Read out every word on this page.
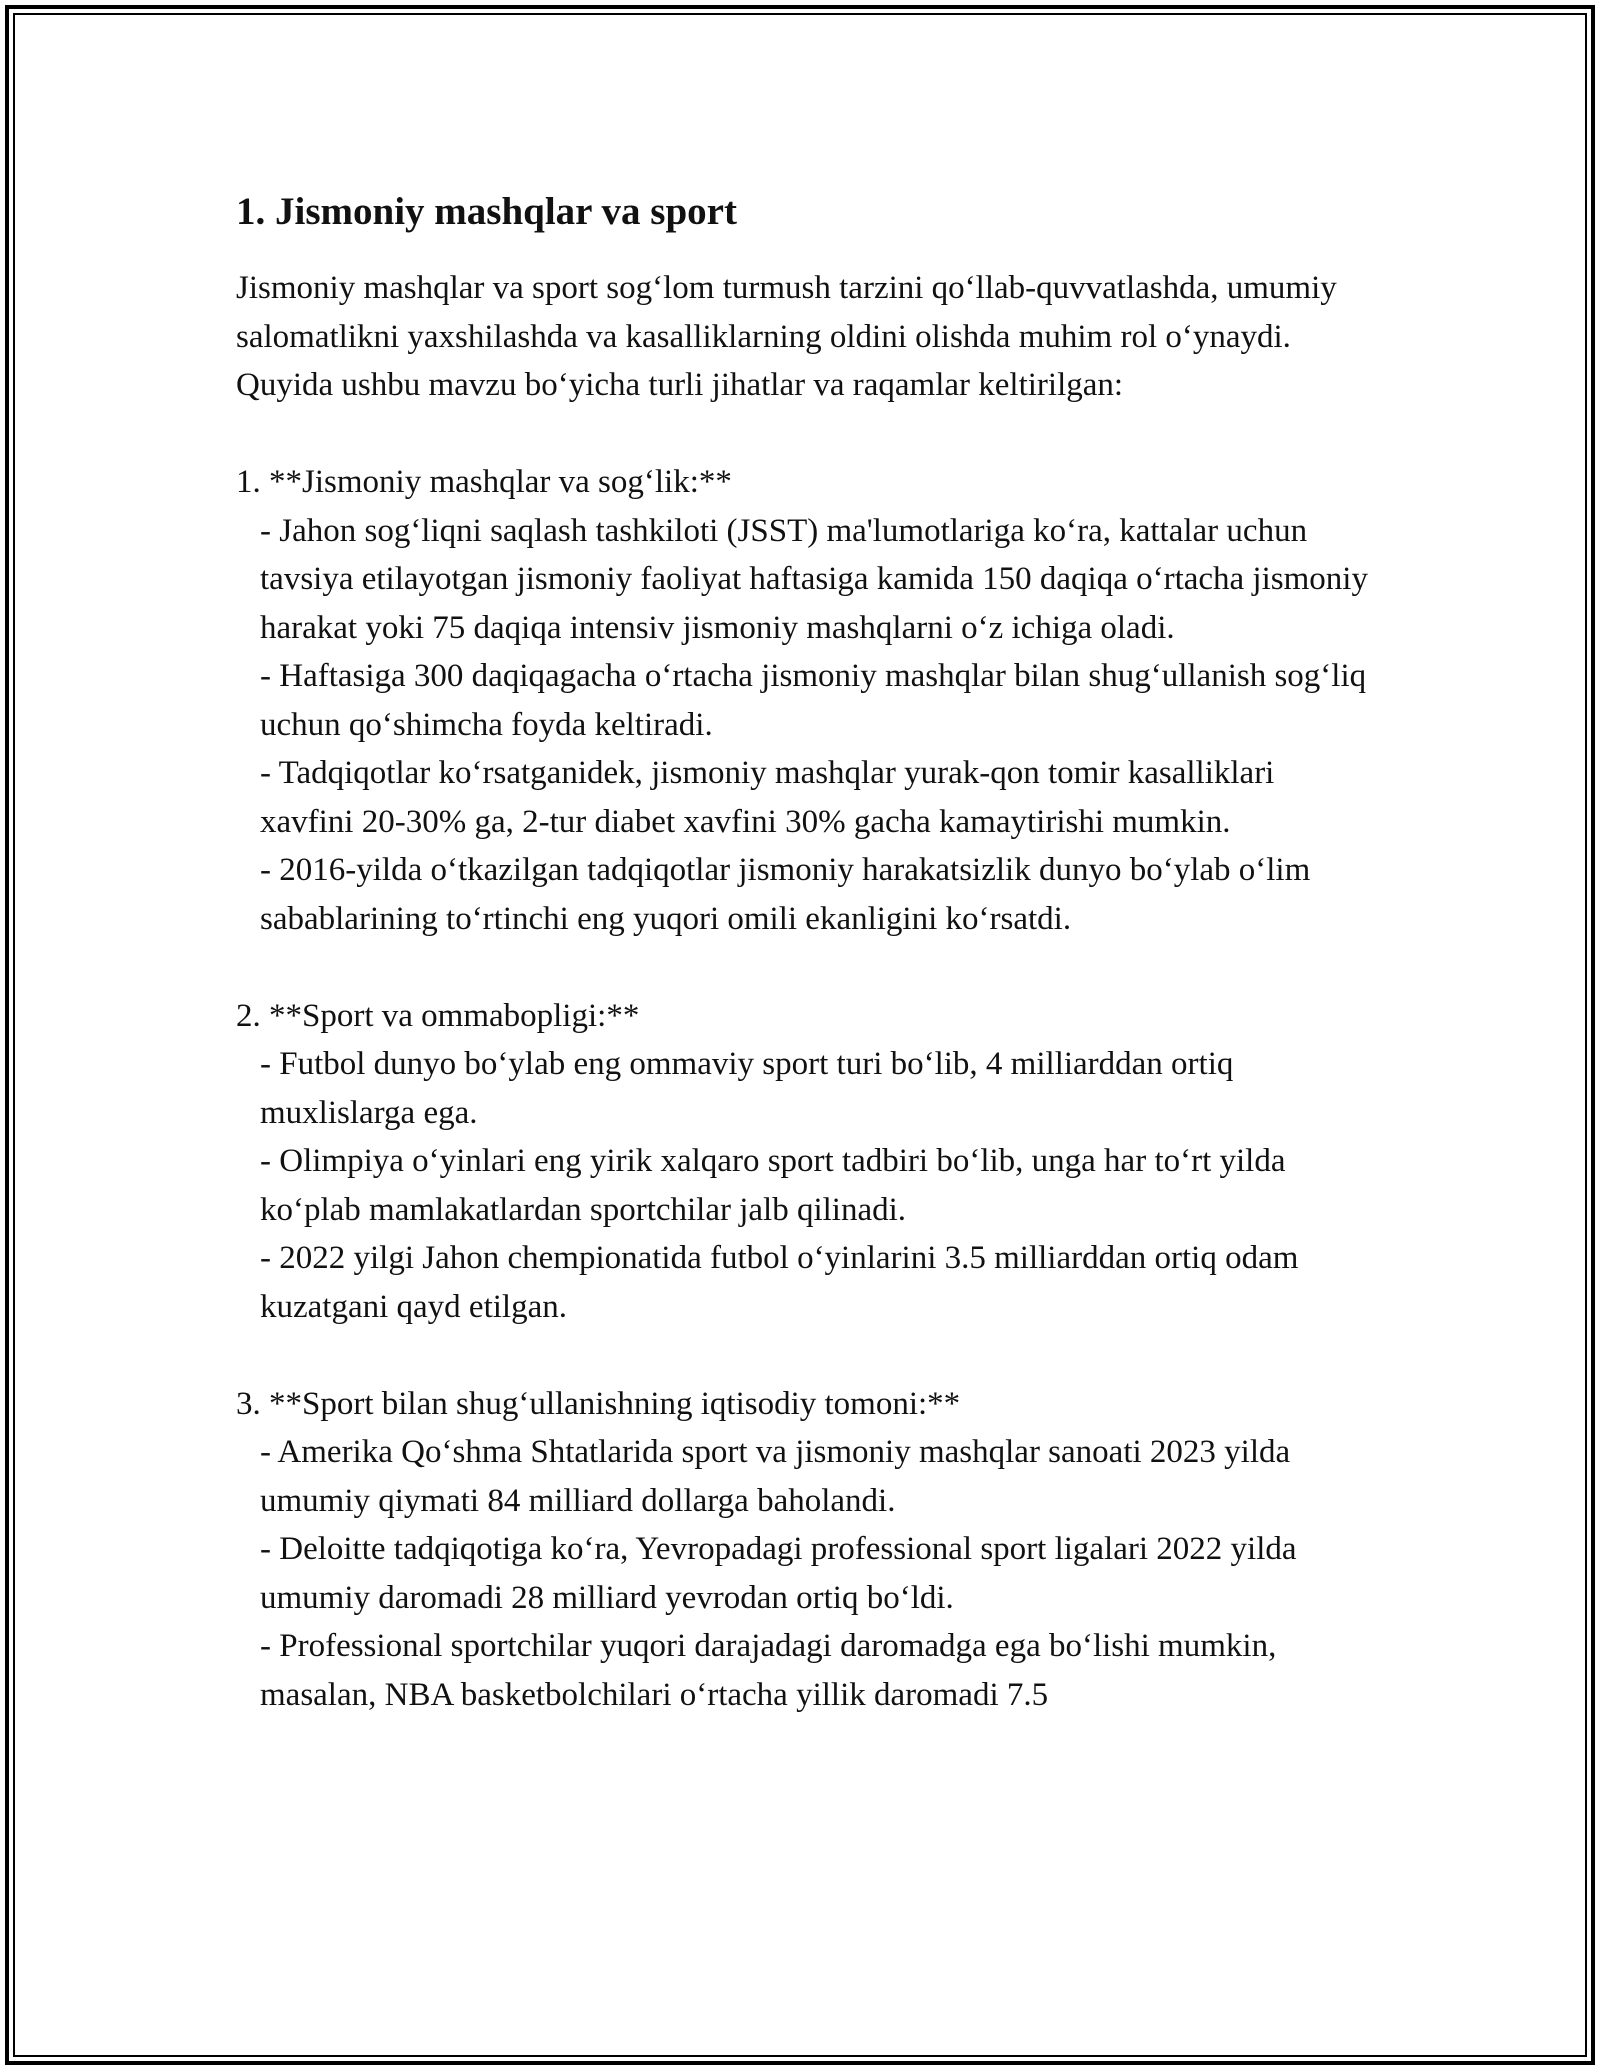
1. Jismoniy mashqlar va sport

Jismoniy mashqlar va sport sog‘lom turmush tarzini qo‘llab-quvvatlashda, umumiy salomatlikni yaxshilashda va kasalliklarning oldini olishda muhim rol o‘ynaydi. Quyida ushbu mavzu bo‘yicha turli jihatlar va raqamlar keltirilgan:

1. **Jismoniy mashqlar va sog‘lik:**

- Jahon sog‘liqni saqlash tashkiloti (JSST) ma'lumotlariga ko‘ra, kattalar uchun tavsiya etilayotgan jismoniy faoliyat haftasiga kamida 150 daqiqa o‘rtacha jismoniy harakat yoki 75 daqiqa intensiv jismoniy mashqlarni o‘z ichiga oladi.

- Haftasiga 300 daqiqagacha o‘rtacha jismoniy mashqlar bilan shug‘ullanish sog‘liq uchun qo‘shimcha foyda keltiradi.

- Tadqiqotlar ko‘rsatganidek, jismoniy mashqlar yurak-qon tomir kasalliklari xavfini 20-30% ga, 2-tur diabet xavfini 30% gacha kamaytirishi mumkin.

- 2016-yilda o‘tkazilgan tadqiqotlar jismoniy harakatsizlik dunyo bo‘ylab o‘lim sabablarining to‘rtinchi eng yuqori omili ekanligini ko‘rsatdi.

2. **Sport va ommabopligi:**

- Futbol dunyo bo‘ylab eng ommaviy sport turi bo‘lib, 4 milliarddan ortiq muxlislarga ega.

- Olimpiya o‘yinlari eng yirik xalqaro sport tadbiri bo‘lib, unga har to‘rt yilda ko‘plab mamlakatlardan sportchilar jalb qilinadi.

- 2022 yilgi Jahon chempionatida futbol o‘yinlarini 3.5 milliarddan ortiq odam kuzatgani qayd etilgan.

3. **Sport bilan shug‘ullanishning iqtisodiy tomoni:**

- Amerika Qo‘shma Shtatlarida sport va jismoniy mashqlar sanoati 2023 yilda umumiy qiymati 84 milliard dollarga baholandi.

- Deloitte tadqiqotiga ko‘ra, Yevropadagi professional sport ligalari 2022 yilda umumiy daromadi 28 milliard yevrodan ortiq bo‘ldi.

- Professional sportchilar yuqori darajadagi daromadga ega bo‘lishi mumkin, masalan, NBA basketbolchilari o‘rtacha yillik daromadi 7.5
